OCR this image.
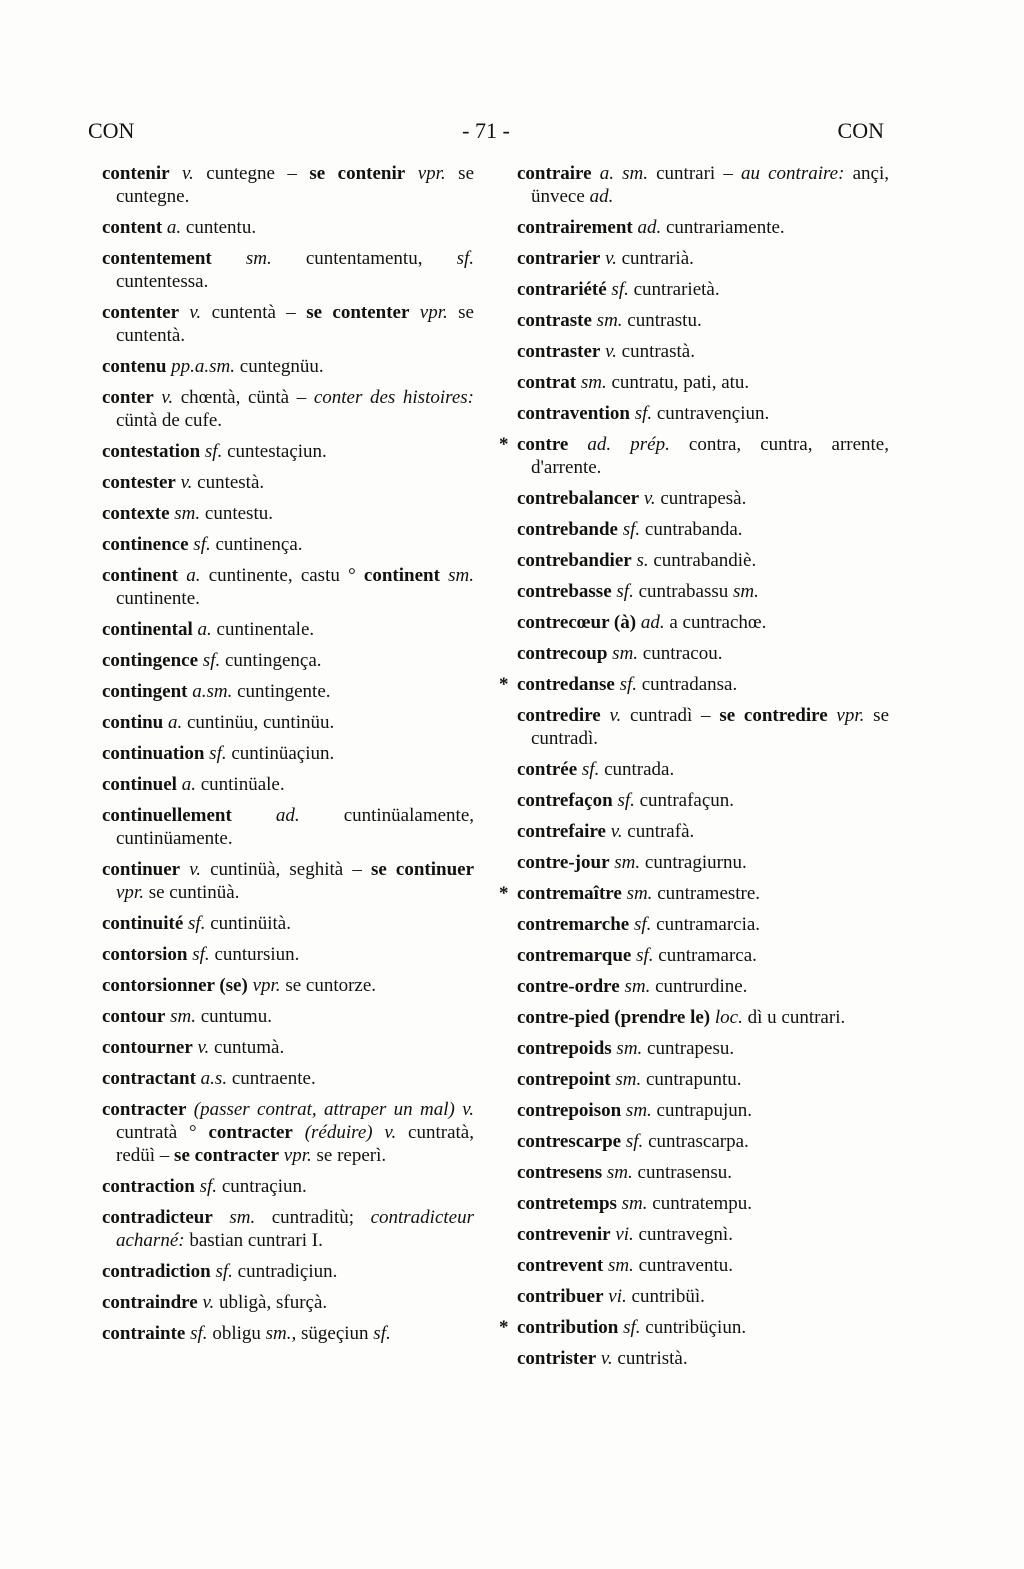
CON	- 71 -	CON
contenir v. cuntegne – se contenir vpr. se cuntegne.
content a. cuntentu.
contentement sm. cuntentamentu, sf. cuntentessa.
contenter v. cuntentà – se contenter vpr. se cuntentà.
contenu pp.a.sm. cuntegnüu.
conter v. chœntà, cüntà – conter des histoires: cüntà de cufe.
contestation sf. cuntestaçiun.
contester v. cuntestà.
contexte sm. cuntestu.
continence sf. cuntinença.
continent a. cuntinente, castu ° continent sm. cuntinente.
continental a. cuntinentale.
contingence sf. cuntingença.
contingent a.sm. cuntingente.
continu a. cuntinüu, cuntinüu.
continuation sf. cuntinüaçiun.
continuel a. cuntinüale.
continuellement ad. cuntinüalamente, cuntinüamente.
continuer v. cuntinüà, seghità – se continuer vpr. se cuntinüà.
continuité sf. cuntinüità.
contorsion sf. cuntursiun.
contorsionner (se) vpr. se cuntorze.
contour sm. cuntumu.
contourner v. cuntumà.
contractant a.s. cuntraente.
contracter (passer contrat, attraper un mal) v. cuntratà ° contracter (réduire) v. cuntratà, redüì – se contracter vpr. se reperì.
contraction sf. cuntraçiun.
contradicteur sm. cuntraditù; contradicteur acharné: bastian cuntrari I.
contradiction sf. cuntradiçiun.
contraindre v. ubligà, sfurçà.
contrainte sf. obligu sm., sügeçiun sf.
contraire a. sm. cuntrari – au contraire: ançi, ünvece ad.
contrairement ad. cuntrariamente.
contrarier v. cuntrarià.
contrariété sf. cuntrarietà.
contraste sm. cuntrastu.
contraster v. cuntrastà.
contrat sm. cuntratu, pati, atu.
contravention sf. cuntravençiun.
* contre ad. prép. contra, cuntra, arrente, d'arrente.
contrebalancer v. cuntrapesà.
contrebande sf. cuntrabanda.
contrebandier s. cuntrabandiè.
contrebasse sf. cuntrabassu sm.
contrecœur (à) ad. a cuntrachœ.
contrecoup sm. cuntracou.
* contredanse sf. cuntradansa.
contredire v. cuntradì – se contredire vpr. se cuntradì.
contrée sf. cuntrada.
contrefaçon sf. cuntrafaçun.
contrefaire v. cuntrafà.
contre-jour sm. cuntragiurnu.
* contremaître sm. cuntramestre.
contremarche sf. cuntramarcia.
contremarque sf. cuntramarca.
contre-ordre sm. cuntrurdine.
contre-pied (prendre le) loc. dì u cuntrari.
contrepoids sm. cuntrapesu.
contrepoint sm. cuntrapuntu.
contrepoison sm. cuntrapujun.
contrescarpe sf. cuntrascarpa.
contresens sm. cuntrasensu.
contretemps sm. cuntratempu.
contrevenir vi. cuntravegnì.
contrevent sm. cuntraventu.
contribuer vi. cuntribüì.
* contribution sf. cuntribüçiun.
contrister v. cuntristà.
